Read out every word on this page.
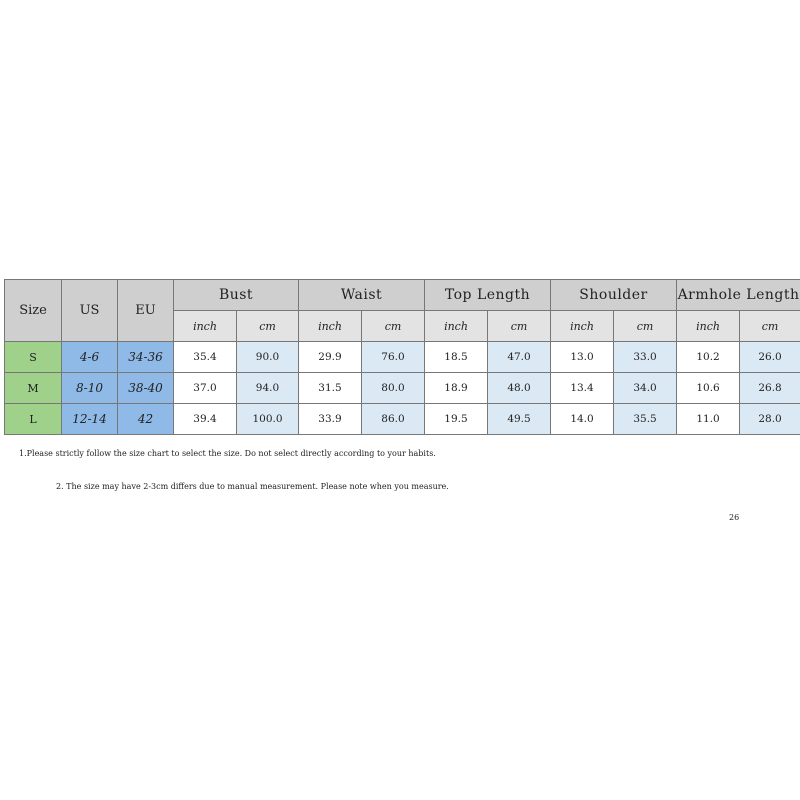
Size	US	EU	Bust		Waist		Top Length		Shoulder		Armhole Length	
			inch	cm	inch	cm	inch	cm	inch	cm	inch	cm
S	4-6	34-36	35.4	90.0	29.9	76.0	18.5	47.0	13.0	33.0	10.2	26.0
M	8-10	38-40	37.0	94.0	31.5	80.0	18.9	48.0	13.4	34.0	10.6	26.8
L	12-14	42	39.4	100.0	33.9	86.0	19.5	49.5	14.0	35.5	11.0	28.0
1.Please strictly follow the size chart to select the size. Do not select directly according to your habits.
2. The size may have 2-3cm differs due to manual measurement. Please note when you measure.
26
